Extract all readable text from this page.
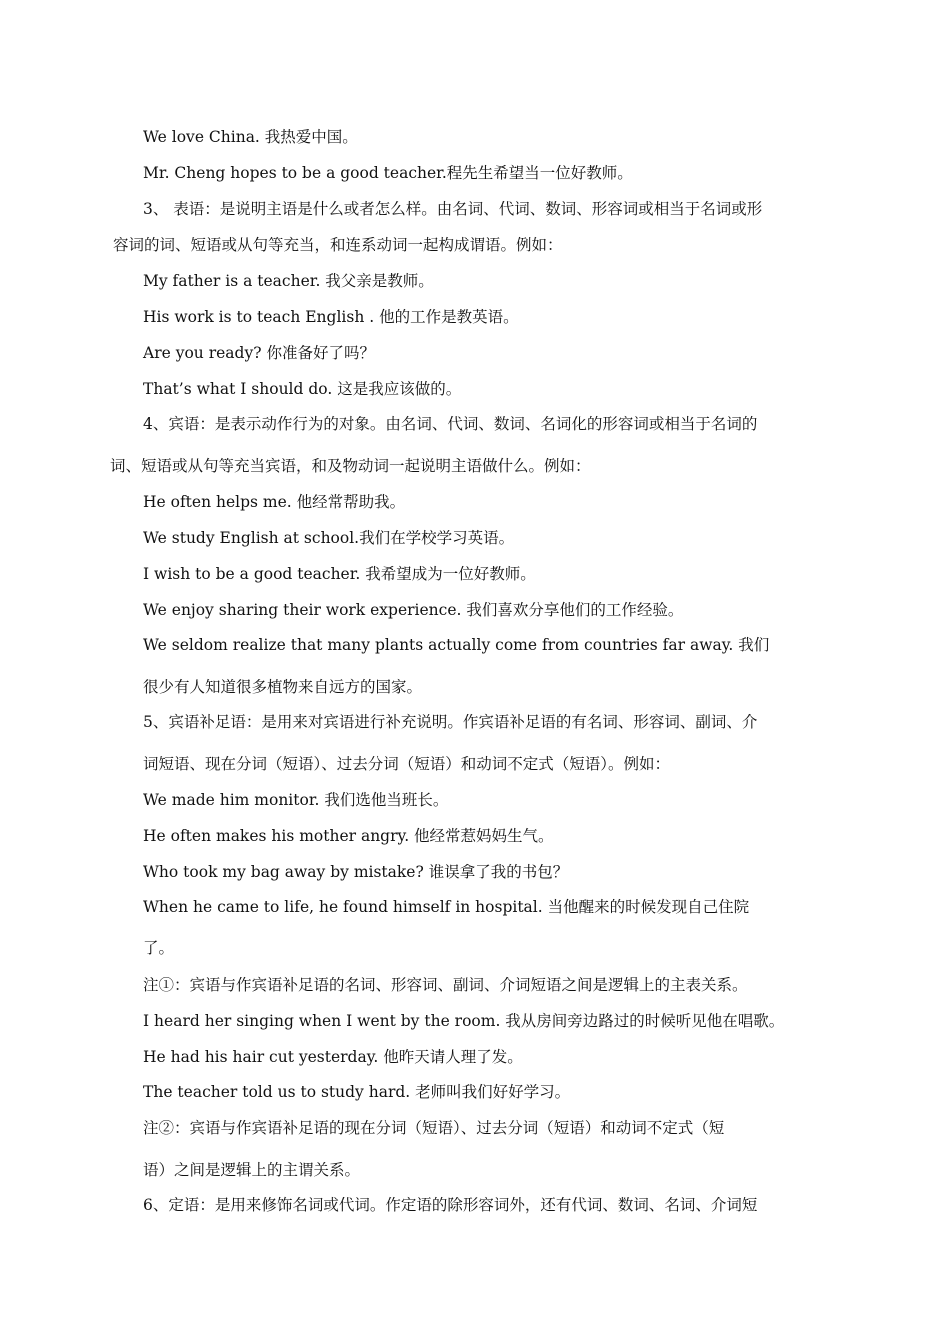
We love China. 我热爱中国。
Mr. Cheng hopes to be a good teacher.程先生希望当一位好教师。
3、 表语：是说明主语是什么或者怎么样。由名词、代词、数词、形容词或相当于名词或形
容词的词、短语或从句等充当，和连系动词一起构成谓语。例如：
My father is a teacher. 我父亲是教师。
His work is to teach English . 他的工作是教英语。
Are you ready? 你准备好了吗？
That’s what I should do. 这是我应该做的。
4、宾语：是表示动作行为的对象。由名词、代词、数词、名词化的形容词或相当于名词的
词、短语或从句等充当宾语，和及物动词一起说明主语做什么。例如：
He often helps me. 他经常帮助我。
We study English at school.我们在学校学习英语。
I wish to be a good teacher. 我希望成为一位好教师。
We enjoy sharing their work experience. 我们喜欢分享他们的工作经验。
We seldom realize that many plants actually come from countries far away. 我们
很少有人知道很多植物来自远方的国家。
5、宾语补足语：是用来对宾语进行补充说明。作宾语补足语的有名词、形容词、副词、介
词短语、现在分词（短语）、过去分词（短语）和动词不定式（短语）。例如：
We made him monitor. 我们选他当班长。
He often makes his mother angry. 他经常惹妈妈生气。
Who took my bag away by mistake? 谁误拿了我的书包？
When he came to life, he found himself in hospital. 当他醒来的时候发现自己住院
了。
注①：宾语与作宾语补足语的名词、形容词、副词、介词短语之间是逻辑上的主表关系。
I heard her singing when I went by the room. 我从房间旁边路过的时候听见他在唱歌。
He had his hair cut yesterday. 他昨天请人理了发。
The teacher told us to study hard. 老师叫我们好好学习。
注②：宾语与作宾语补足语的现在分词（短语）、过去分词（短语）和动词不定式（短
语）之间是逻辑上的主谓关系。
6、定语：是用来修饰名词或代词。作定语的除形容词外，还有代词、数词、名词、介词短
